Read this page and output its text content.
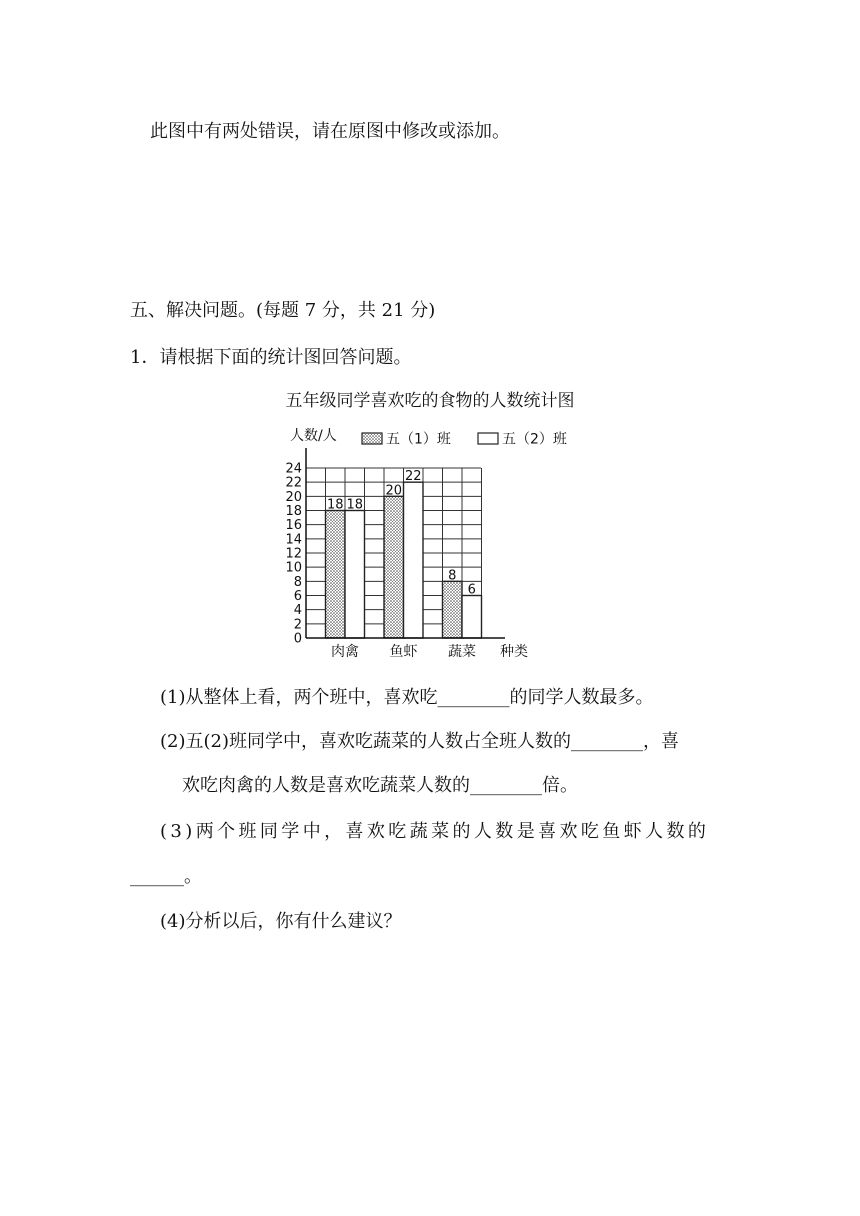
此图中有两处错误，请在原图中修改或添加。
五、解决问题。(每题 7 分，共 21 分)
1．请根据下面的统计图回答问题。
五年级同学喜欢吃的食物的人数统计图
18 18
肉禽
20
22
鱼虾
8
6
蔬菜
0
2
4
6
8
10
12
14
16
18
20
22
24
人数/人
种类
五（1）班	五（2）班
(1)从整体上看，两个班中，喜欢吃________的同学人数最多。
(2)五(2)班同学中，喜欢吃蔬菜的人数占全班人数的________，喜
欢吃肉禽的人数是喜欢吃蔬菜人数的________倍。
(3)两个班同学中，喜欢吃蔬菜的人数是喜欢吃鱼虾人数的
______。
(4)分析以后，你有什么建议？
